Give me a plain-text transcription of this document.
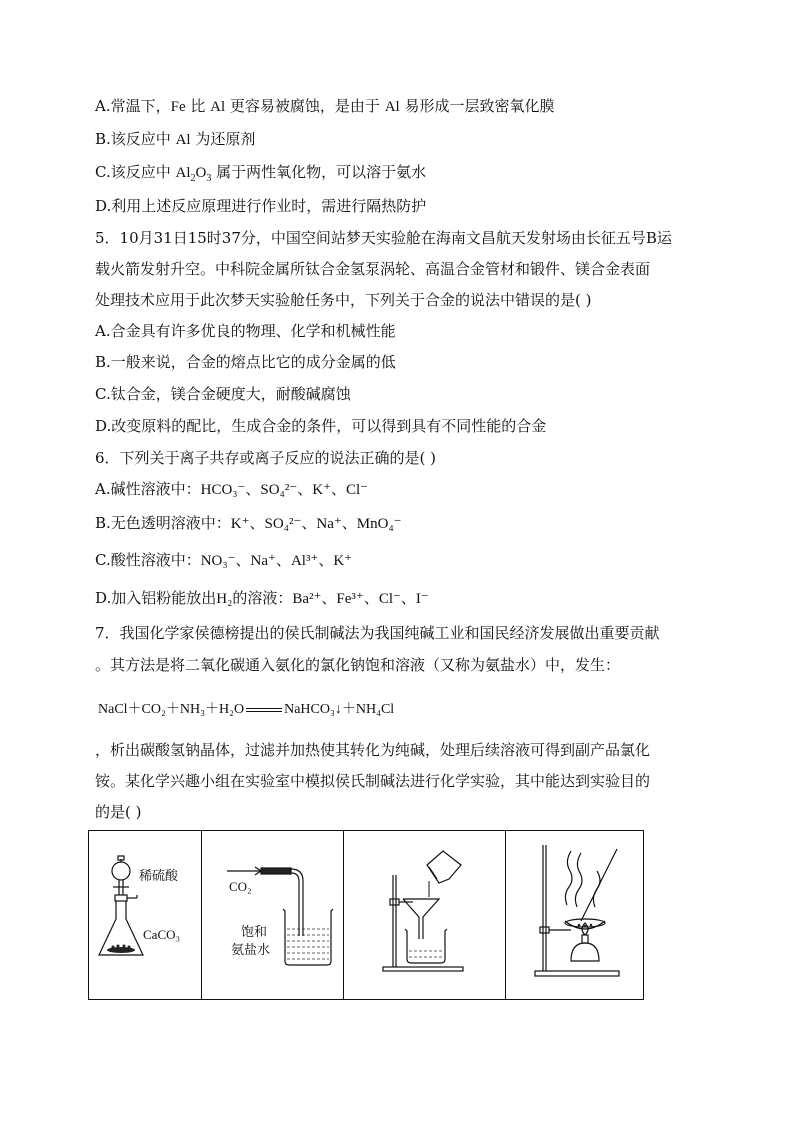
A.常温下，Fe 比 Al 更容易被腐蚀，是由于 Al 易形成一层致密氧化膜
B.该反应中 Al 为还原剂
C.该反应中 $Al_2O_3$ 属于两性氧化物，可以溶于氨水
D.利用上述反应原理进行作业时，需进行隔热防护
5．10月31日15时37分，中国空间站梦天实验舱在海南文昌航天发射场由长征五号B运
载火箭发射升空。中科院金属所钛合金氢泵涡轮、高温合金管材和锻件、镁合金表面
处理技术应用于此次梦天实验舱任务中，下列关于合金的说法中错误的是( )
A.合金具有许多优良的物理、化学和机械性能
B.一般来说，合金的熔点比它的成分金属的低
C.钛合金，镁合金硬度大，耐酸碱腐蚀
D.改变原料的配比，生成合金的条件，可以得到具有不同性能的合金
6．下列关于离子共存或离子反应的说法正确的是( )
A.碱性溶液中：HCO₃⁻、SO₄²⁻、K⁺、Cl⁻
B.无色透明溶液中：K⁺、SO₄²⁻、Na⁺、MnO₄⁻
C.酸性溶液中：NO₃⁻、Na⁺、Al³⁺、K⁺
D.加入铝粉能放出H₂的溶液：Ba²⁺、Fe³⁺、Cl⁻、I⁻
7．我国化学家侯德榜提出的侯氏制碱法为我国纯碱工业和国民经济发展做出重要贡献
。其方法是将二氧化碳通入氨化的氯化钠饱和溶液（又称为氨盐水）中，发生：
NaCl＋CO₂＋NH₃＋H₂O	NaHCO₃↓＋NH₄Cl
，析出碳酸氢钠晶体，过滤并加热使其转化为纯碱，处理后续溶液可得到副产品氯化
铵。某化学兴趣小组在实验室中模拟侯氏制碱法进行化学实验，其中能达到实验目的
的是( )
稀硫酸
CaCO₃
CO₂
饱和
氨盐水
